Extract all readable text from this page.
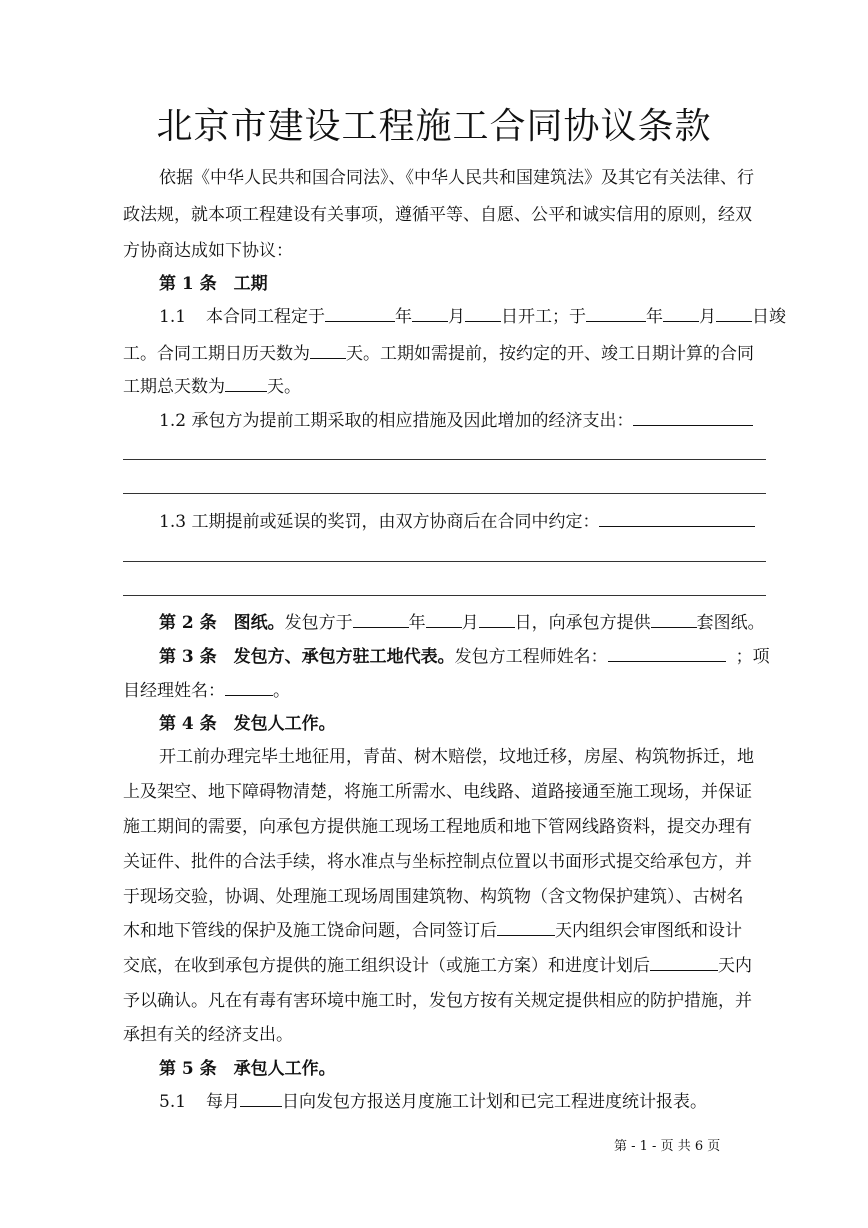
北京市建设工程施工合同协议条款
依据《中华人民共和国合同法》、《中华人民共和国建筑法》及其它有关法律、行
政法规，就本项工程建设有关事项，遵循平等、自愿、公平和诚实信用的原则，经双
方协商达成如下协议：
第 1 条　工期
1.1 本合同工程定于	年 月 日开工；于	年 月 日竣
工。合同工期日历天数为 天。工期如需提前，按约定的开、竣工日期计算的合同
工期总天数为 天。
1.2 承包方为提前工期采取的相应措施及因此增加的经济支出：
1.3 工期提前或延误的奖罚，由双方协商后在合同中约定：
第 2 条　图纸。发包方于	年 月 日，向承包方提供	套图纸。
第 3 条　发包方、承包方驻工地代表。发包方工程师姓名：	；项
目经理姓名：	。
第 4 条　发包人工作。
开工前办理完毕土地征用，青苗、树木赔偿，坟地迁移，房屋、构筑物拆迁，地
上及架空、地下障碍物清楚，将施工所需水、电线路、道路接通至施工现场，并保证
施工期间的需要，向承包方提供施工现场工程地质和地下管网线路资料，提交办理有
关证件、批件的合法手续，将水准点与坐标控制点位置以书面形式提交给承包方，并
于现场交验，协调、处理施工现场周围建筑物、构筑物（含文物保护建筑）、古树名
木和地下管线的保护及施工饶命问题，合同签订后	天内组织会审图纸和设计
交底，在收到承包方提供的施工组织设计（或施工方案）和进度计划后	天内
予以确认。凡在有毒有害环境中施工时，发包方按有关规定提供相应的防护措施，并
承担有关的经济支出。
第 5 条　承包人工作。
5.1 每月 日向发包方报送月度施工计划和已完工程进度统计报表。
第 - 1 - 页 共 6 页
